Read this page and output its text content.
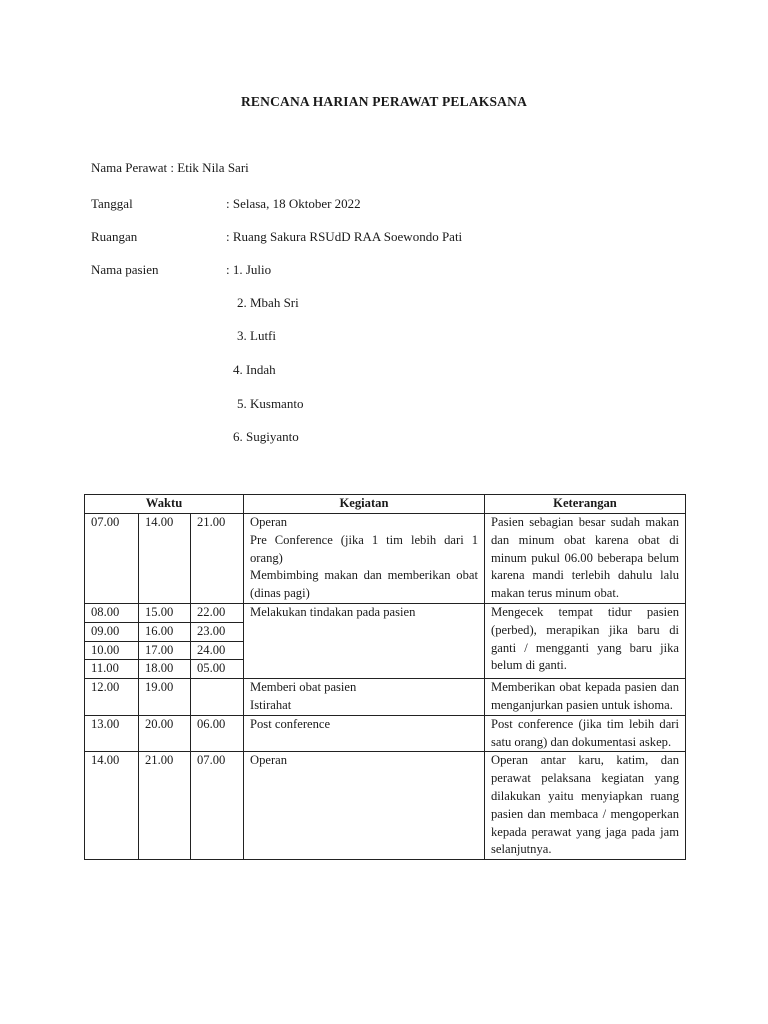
RENCANA HARIAN PERAWAT PELAKSANA
Nama Perawat : Etik Nila Sari
Tanggal	: Selasa, 18 Oktober 2022
Ruangan	: Ruang Sakura RSUdD RAA Soewondo Pati
Nama pasien	: 1. Julio
2. Mbah Sri
3. Lutfi
4. Indah
5. Kusmanto
6. Sugiyanto
Waktu			Kegiatan	Keterangan
07.00	14.00	21.00	Operan
Pre Conference (jika 1 tim lebih dari 1 orang)
Membimbing makan dan memberikan obat (dinas pagi)	Pasien sebagian besar sudah makan dan minum obat karena obat di minum pukul 06.00 beberapa belum karena mandi terlebih dahulu lalu makan terus minum obat.
08.00	15.00	22.00	Melakukan tindakan pada pasien	Mengecek tempat tidur pasien (perbed), merapikan jika baru di ganti / mengganti yang baru jika belum di ganti.
09.00	16.00	23.00		
10.00	17.00	24.00		
11.00	18.00	05.00		
12.00	19.00		Memberi obat pasien
Istirahat	Memberikan obat kepada pasien dan menganjurkan pasien untuk ishoma.
13.00	20.00	06.00	Post conference	Post conference (jika tim lebih dari satu orang) dan dokumentasi askep.
14.00	21.00	07.00	Operan	Operan antar karu, katim, dan perawat pelaksana kegiatan yang dilakukan yaitu menyiapkan ruang pasien dan membaca / mengoperkan kepada perawat yang jaga pada jam selanjutnya.
